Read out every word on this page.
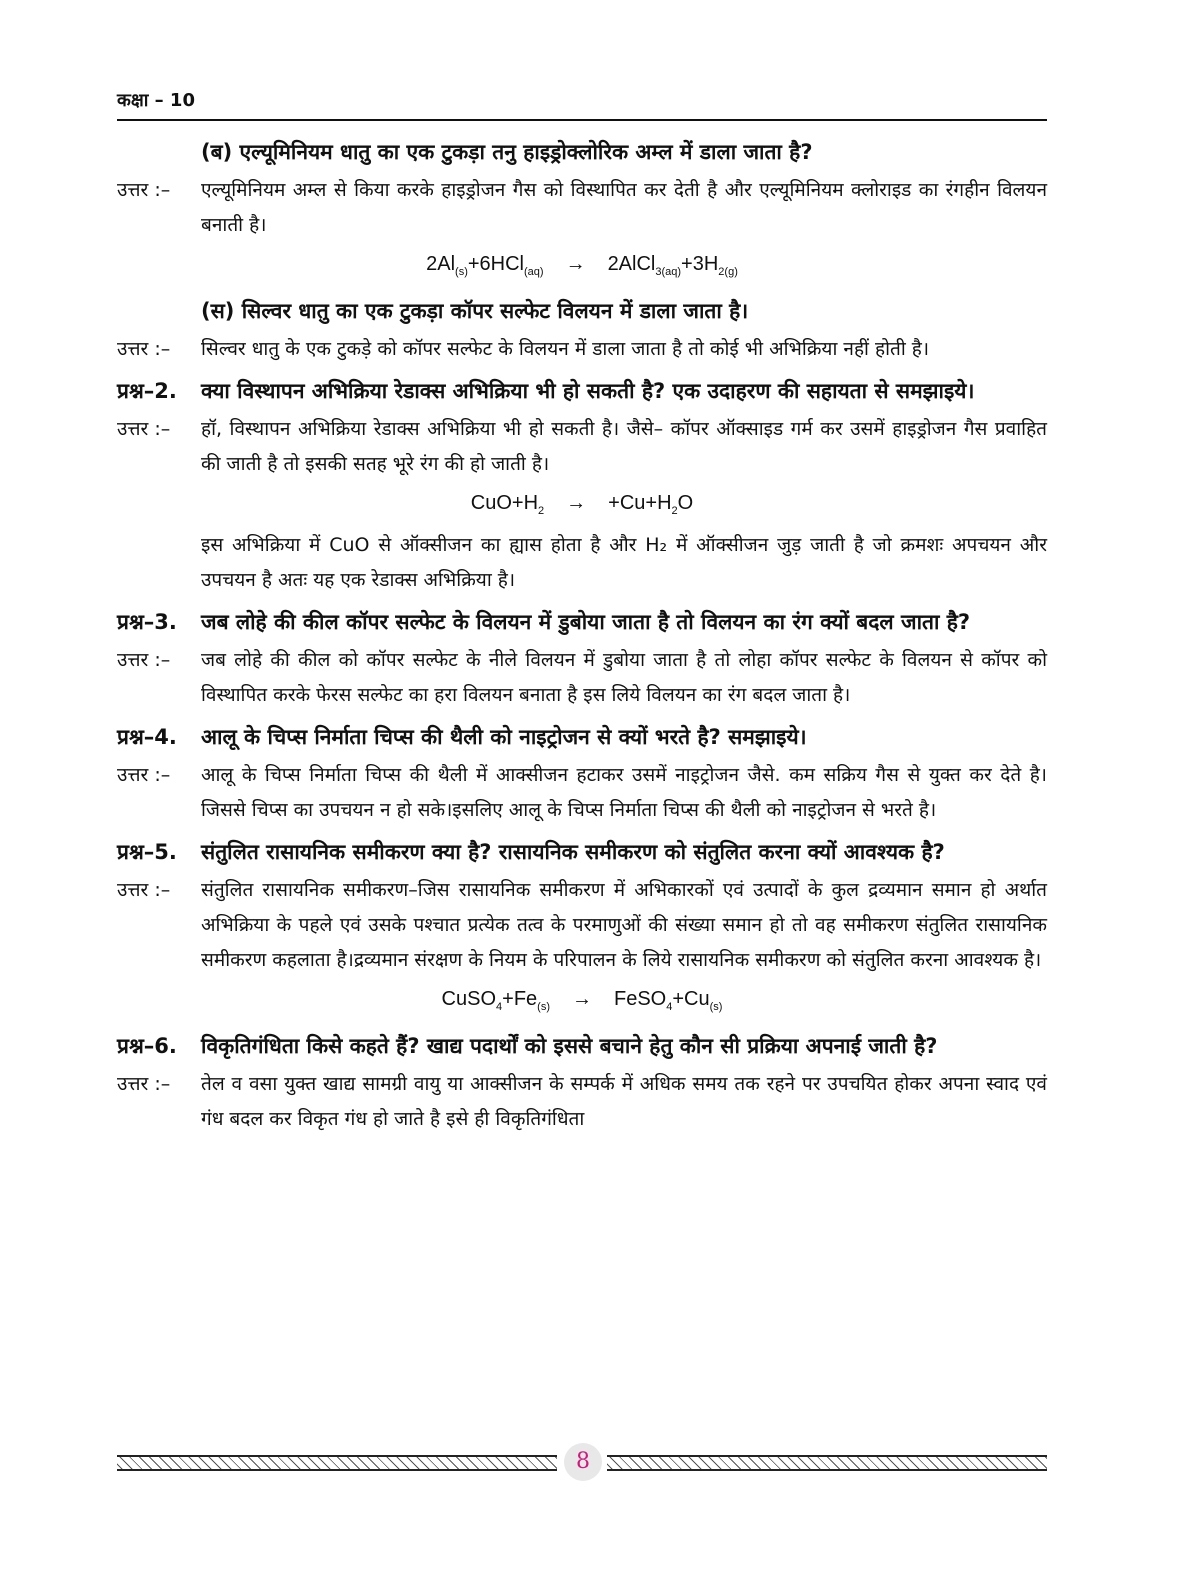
कक्षा – 10
(ब) एल्यूमिनियम धातु का एक टुकड़ा तनु हाइड्रोक्लोरिक अम्ल में डाला जाता है?
उत्तर :–	एल्यूमिनियम अम्ल से किया करके हाइड्रोजन गैस को विस्थापित कर देती है और एल्यूमिनियम क्लोराइड का रंगहीन विलयन बनाती है।
$2Al_{(s)}+6HCl_{(aq)}$ → $2AlCl_{3(aq)}+3H_{2(g)}$
(स) सिल्वर धातु का एक टुकड़ा कॉपर सल्फेट विलयन में डाला जाता है।
उत्तर :–	सिल्वर धातु के एक टुकड़े को कॉपर सल्फेट के विलयन में डाला जाता है तो कोई भी अभिक्रिया नहीं होती है।
प्रश्न–2.	क्या विस्थापन अभिक्रिया रेडाक्स अभिक्रिया भी हो सकती है? एक उदाहरण की सहायता से समझाइये।
उत्तर :–	हॉ, विस्थापन अभिक्रिया रेडाक्स अभिक्रिया भी हो सकती है। जैसे– कॉपर ऑक्साइड गर्म कर उसमें हाइड्रोजन गैस प्रवाहित की जाती है तो इसकी सतह भूरे रंग की हो जाती है।
$CuO+H_2 \to +Cu+H_2O$
इस अभिक्रिया में CuO से ऑक्सीजन का ह्यास होता है और H₂ में ऑक्सीजन जुड़ जाती है जो क्रमशः अपचयन और उपचयन है अतः यह एक रेडाक्स अभिक्रिया है।
प्रश्न–3.	जब लोहे की कील कॉपर सल्फेट के विलयन में डुबोया जाता है तो विलयन का रंग क्यों बदल जाता है?
उत्तर :–	जब लोहे की कील को कॉपर सल्फेट के नीले विलयन में डुबोया जाता है तो लोहा कॉपर सल्फेट के विलयन से कॉपर को विस्थापित करके फेरस सल्फेट का हरा विलयन बनाता है इस लिये विलयन का रंग बदल जाता है।
प्रश्न–4.	आलू के चिप्स निर्माता चिप्स की थैली को नाइट्रोजन से क्यों भरते है? समझाइये।
उत्तर :–	आलू के चिप्स निर्माता चिप्स की थैली में आक्सीजन हटाकर उसमें नाइट्रोजन जैसे. कम सक्रिय गैस से युक्त कर देते है। जिससे चिप्स का उपचयन न हो सके।इसलिए आलू के चिप्स निर्माता चिप्स की थैली को नाइट्रोजन से भरते है।
प्रश्न–5.	संतुलित रासायनिक समीकरण क्या है? रासायनिक समीकरण को संतुलित करना क्यों आवश्यक है?
उत्तर :–	संतुलित रासायनिक समीकरण–जिस रासायनिक समीकरण में अभिकारकों एवं उत्पादों के कुल द्रव्यमान समान हो अर्थात अभिक्रिया के पहले एवं उसके पश्चात प्रत्येक तत्व के परमाणुओं की संख्या समान हो तो वह समीकरण संतुलित रासायनिक समीकरण कहलाता है।द्रव्यमान संरक्षण के नियम के परिपालन के लिये रासायनिक समीकरण को संतुलित करना आवश्यक है।
$CuSO_4+Fe_{(s)}$ → $FeSO_4+Cu_{(s)}$
प्रश्न–6.	विकृतिगंधिता किसे कहते हैं? खाद्य पदार्थों को इससे बचाने हेतु कौन सी प्रक्रिया अपनाई जाती है?
उत्तर :–	तेल व वसा युक्त खाद्य सामग्री वायु या आक्सीजन के सम्पर्क में अधिक समय तक रहने पर उपचयित होकर अपना स्वाद एवं गंध बदल कर विकृत गंध हो जाते है इसे ही विकृतिगंधिता
8
